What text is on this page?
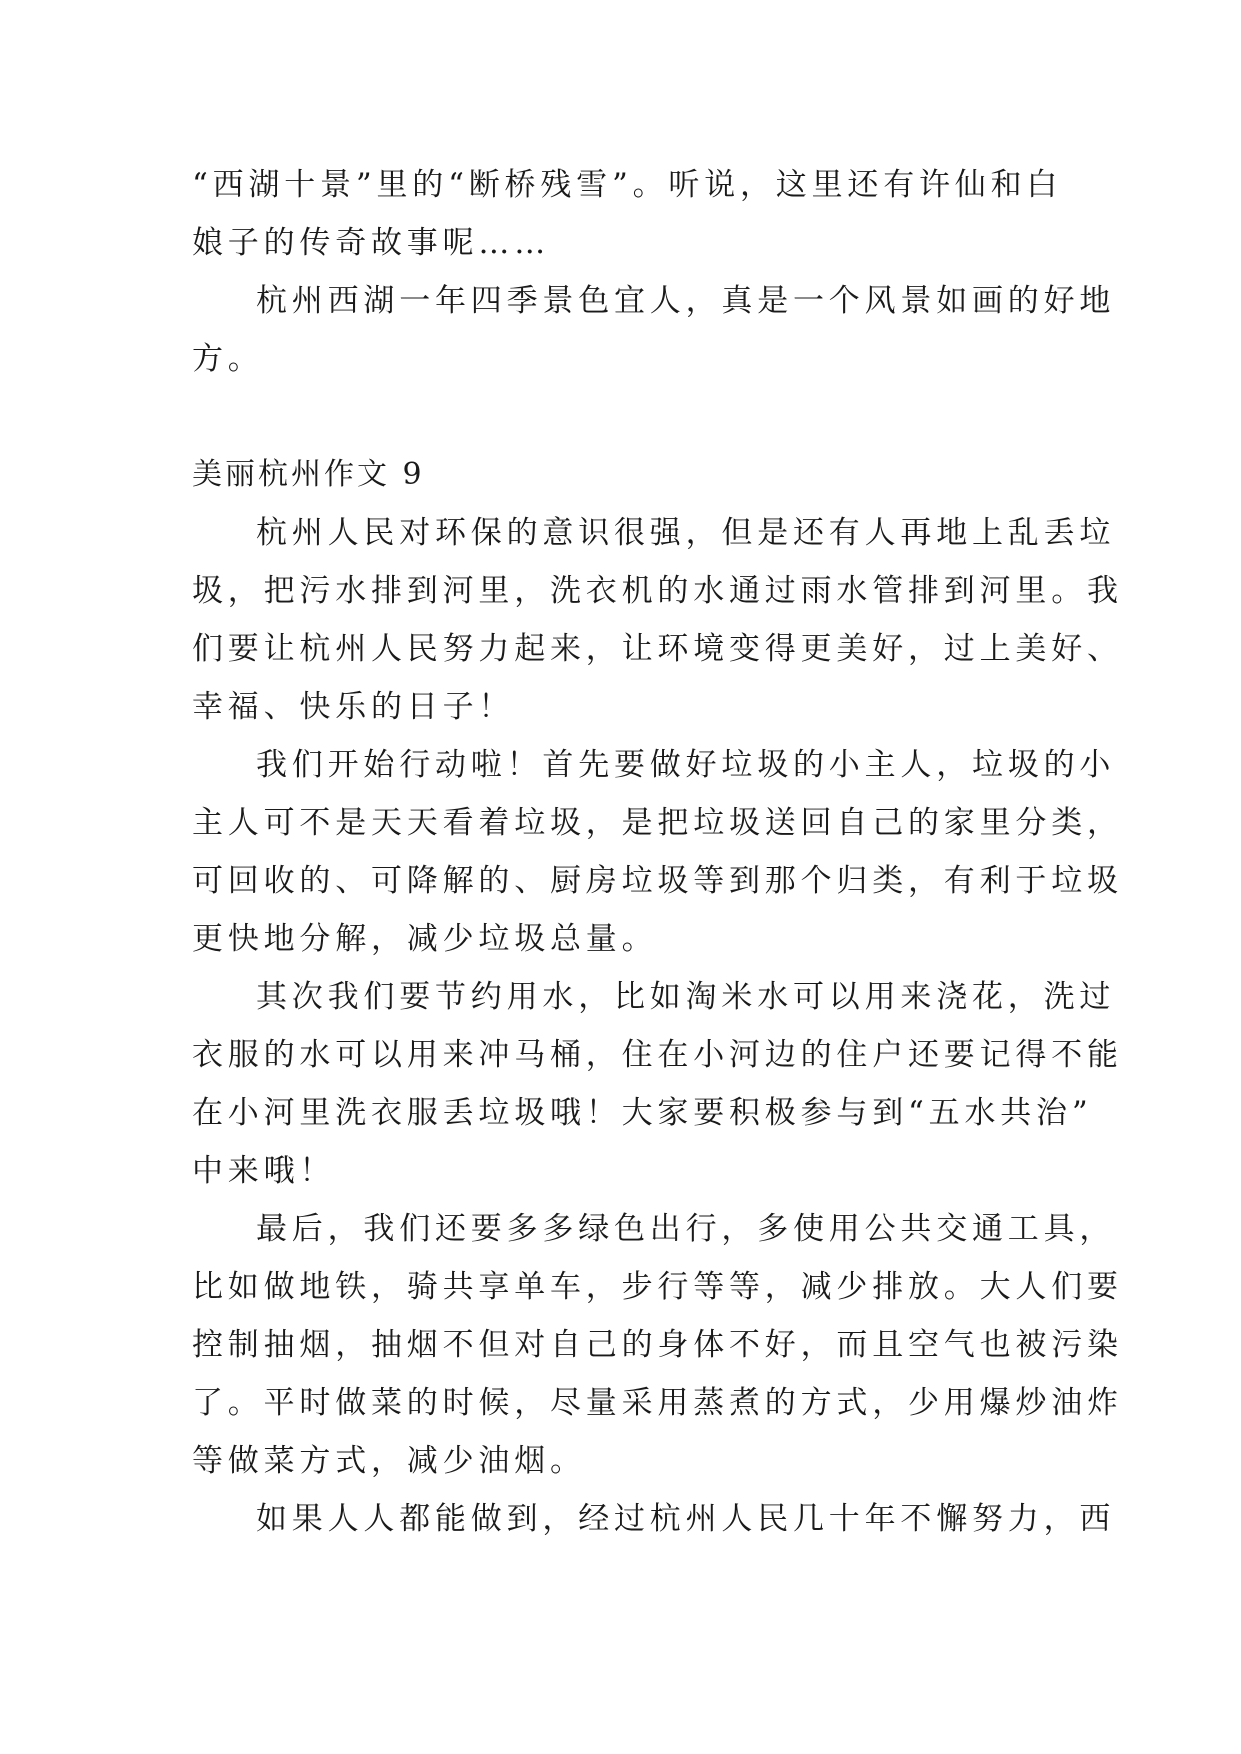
“西湖十景”里的“断桥残雪”。听说，这里还有许仙和白
娘子的传奇故事呢……
杭州西湖一年四季景色宜人，真是一个风景如画的好地
方。
美丽杭州作文 9
杭州人民对环保的意识很强，但是还有人再地上乱丢垃
圾，把污水排到河里，洗衣机的水通过雨水管排到河里。我
们要让杭州人民努力起来，让环境变得更美好，过上美好、
幸福、快乐的日子！
我们开始行动啦！首先要做好垃圾的小主人，垃圾的小
主人可不是天天看着垃圾，是把垃圾送回自己的家里分类，
可回收的、可降解的、厨房垃圾等到那个归类，有利于垃圾
更快地分解，减少垃圾总量。
其次我们要节约用水，比如淘米水可以用来浇花，洗过
衣服的水可以用来冲马桶，住在小河边的住户还要记得不能
在小河里洗衣服丢垃圾哦！大家要积极参与到“五水共治”
中来哦！
最后，我们还要多多绿色出行，多使用公共交通工具，
比如做地铁，骑共享单车，步行等等，减少排放。大人们要
控制抽烟，抽烟不但对自己的身体不好，而且空气也被污染
了。平时做菜的时候，尽量采用蒸煮的方式，少用爆炒油炸
等做菜方式，减少油烟。
如果人人都能做到，经过杭州人民几十年不懈努力，西
